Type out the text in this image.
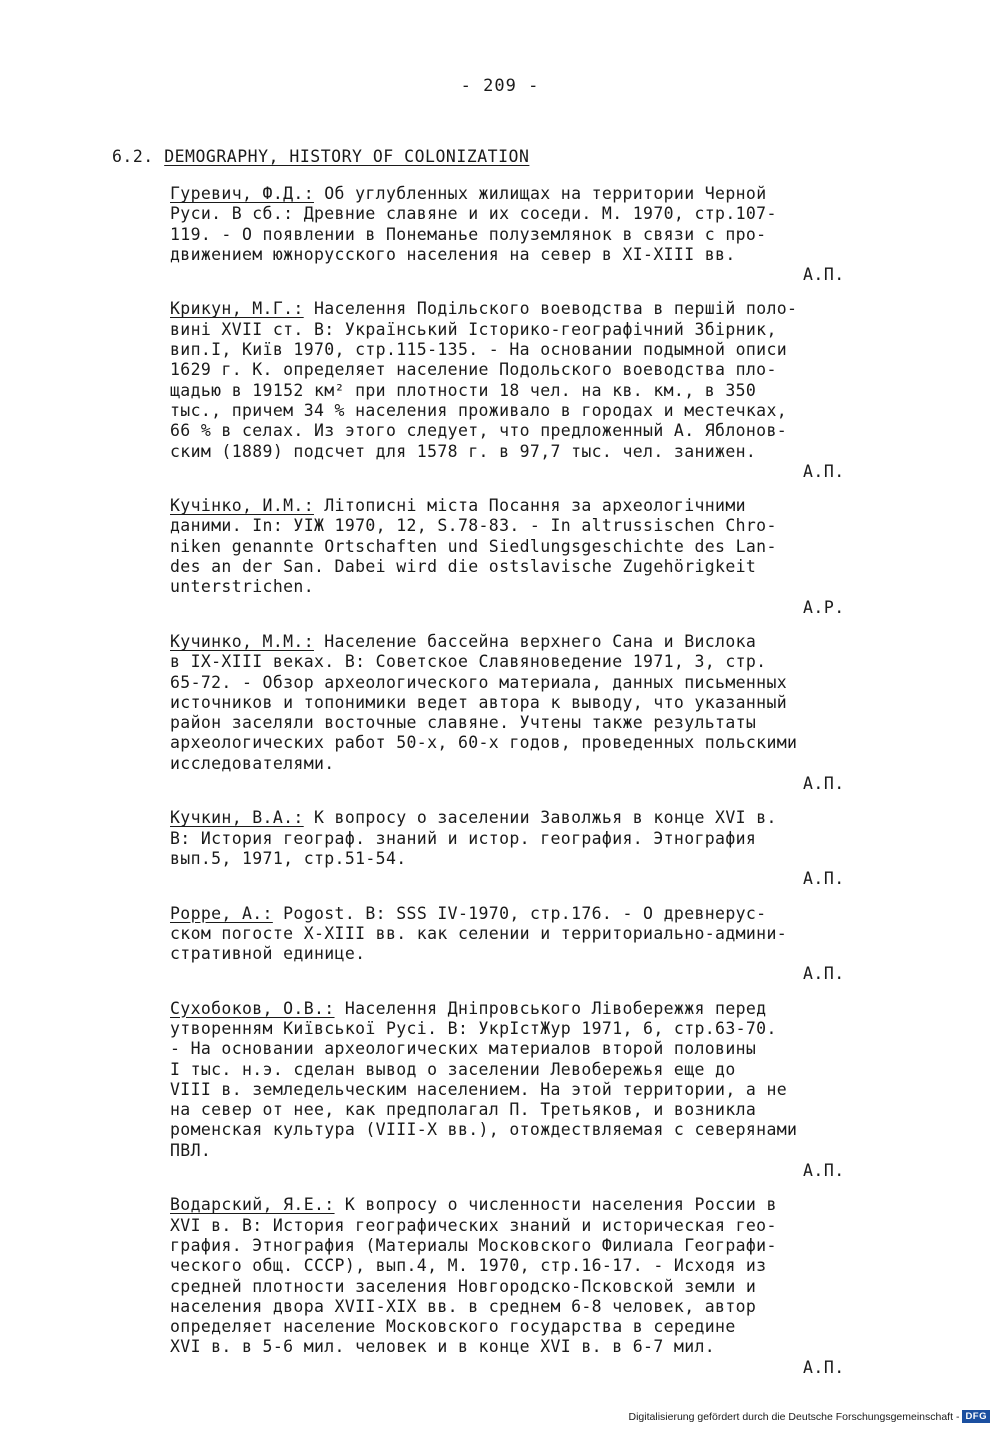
- 209 -
6.2. DEMOGRAPHY, HISTORY OF COLONIZATION
Гуревич, Ф.Д.: Об углубленных жилищах на территории Черной
Руси. В сб.: Древние славяне и их соседи. М. 1970, стр.107-
119. - О появлении в Понеманье полуземлянок в связи с про-
движением южнорусского населения на север в XI-XIII вв.
А.П.
Крикун, М.Г.: Населення Подільского воеводства в першій поло-
вині XVII ст. В: Український Історико-географічний Збірник,
вип.I, Київ 1970, стр.115-135. - На основании подымной описи
1629 г. К. определяет население Подольского воеводства пло-
щадью в 19152 км² при плотности 18 чел. на кв. км., в 350
тыс., причем 34 % населения проживало в городах и местечках,
66 % в селах. Из этого следует, что предложенный А. Яблонов-
ским (1889) подсчет для 1578 г. в 97,7 тыс. чел. занижен.
А.П.
Кучінко, И.М.: Літописні міста Посання за археологічними
даними. In: УІЖ 1970, 12, S.78-83. - In altrussischen Chro-
niken genannte Ortschaften und Siedlungsgeschichte des Lan-
des an der San. Dabei wird die ostslavische Zugehörigkeit
unterstrichen.
A.P.
Кучинко, М.М.: Население бассейна верхнего Сана и Вислока
в IX-XIII веках. В: Советское Славяноведение 1971, 3, стр.
65-72. - Обзор археологического материала, данных письменных
источников и топонимики ведет автора к выводу, что указанный
район заселяли восточные славяне. Учтены также результаты
археологических работ 50-х, 60-х годов, проведенных польскими
исследователями.
А.П.
Кучкин, В.А.: К вопросу о заселении Заволжья в конце XVI в.
В: История географ. знаний и истор. география. Этнография
вып.5, 1971, стр.51-54.
А.П.
Poppe, A.: Pogost. В: SSS IV-1970, стр.176. - О древнерус-
ском погосте X-XIII вв. как селении и территориально-админи-
стративной единице.
А.П.
Сухобоков, О.В.: Населення Дніпровського Лівобережжя перед
утворенням Київської Русі. В: УкрІстЖур 1971, 6, стр.63-70.
- На основании археологических материалов второй половины
I тыс. н.э. сделан вывод о заселении Левобережья еще до
VIII в. земледельческим населением. На этой территории, а не
на север от нее, как предполагал П. Третьяков, и возникла
роменская культура (VIII-X вв.), отождествляемая с северянами
ПВЛ.
А.П.
Водарский, Я.Е.: К вопросу о численности населения России в
XVI в. В: История географических знаний и историческая гео-
графия. Этнография (Материалы Московского Филиала Географи-
ческого общ. СССР), вып.4, М. 1970, стр.16-17. - Исходя из
средней плотности заселения Новгородско-Псковской земли и
населения двора XVII-XIX вв. в среднем 6-8 человек, автор
определяет население Московского государства в середине
XVI в. в 5-6 мил. человек и в конце XVI в. в 6-7 мил.
А.П.
Digitalisierung gefördert durch die Deutsche Forschungsgemeinschaft - DFG
